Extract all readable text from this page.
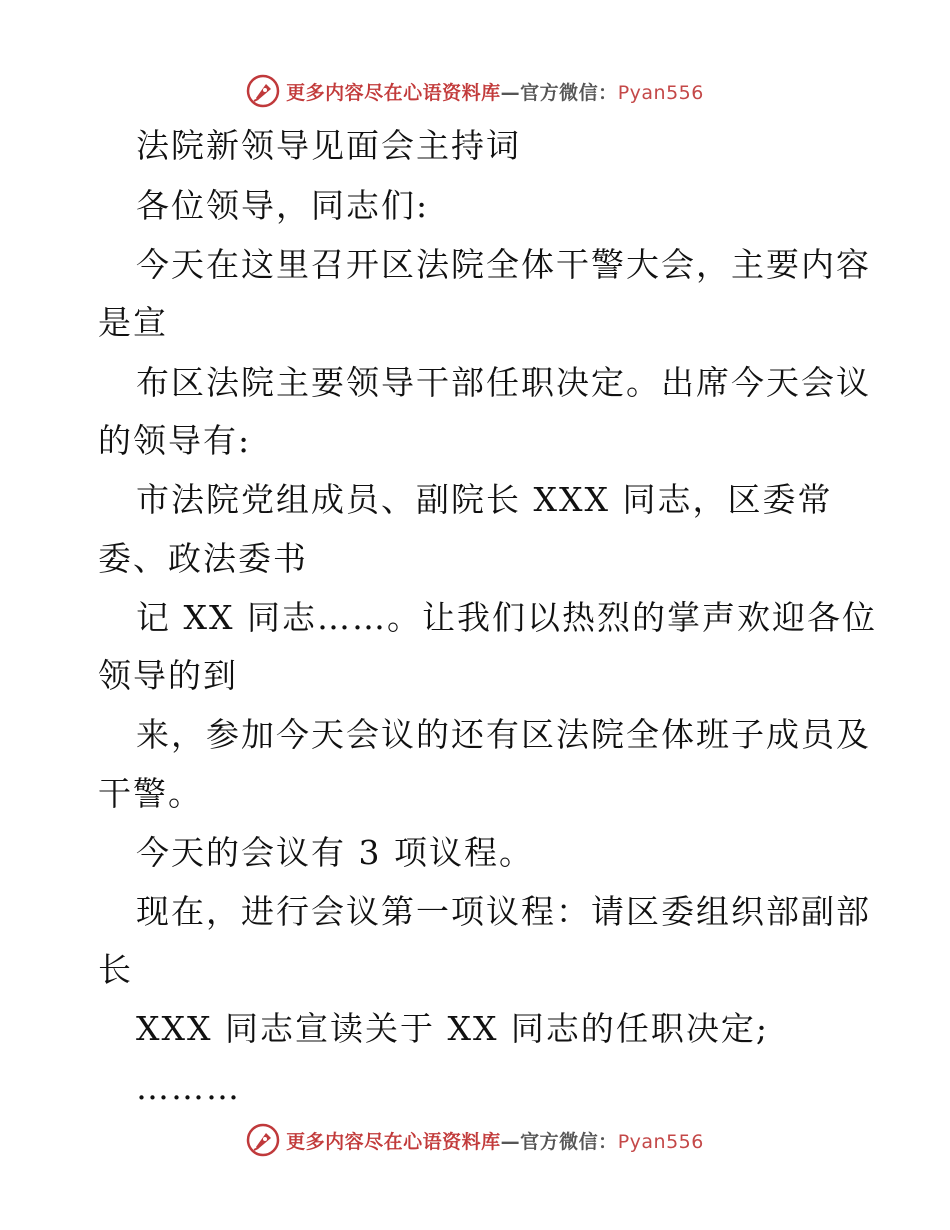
更多内容尽在心语资料库—官方微信：Pyan556
法院新领导见面会主持词
各位领导，同志们:
今天在这里召开区法院全体干警大会，主要内容
是宣
布区法院主要领导干部任职决定。出席今天会议
的领导有:
市法院党组成员、副院长 XXX 同志，区委常
委、政法委书
记 XX 同志……。让我们以热烈的掌声欢迎各位
领导的到
来，参加今天会议的还有区法院全体班子成员及
干警。
今天的会议有 3 项议程。
现在，进行会议第一项议程：请区委组织部副部
长
XXX 同志宣读关于 XX 同志的任职决定;
………
更多内容尽在心语资料库—官方微信：Pyan556
